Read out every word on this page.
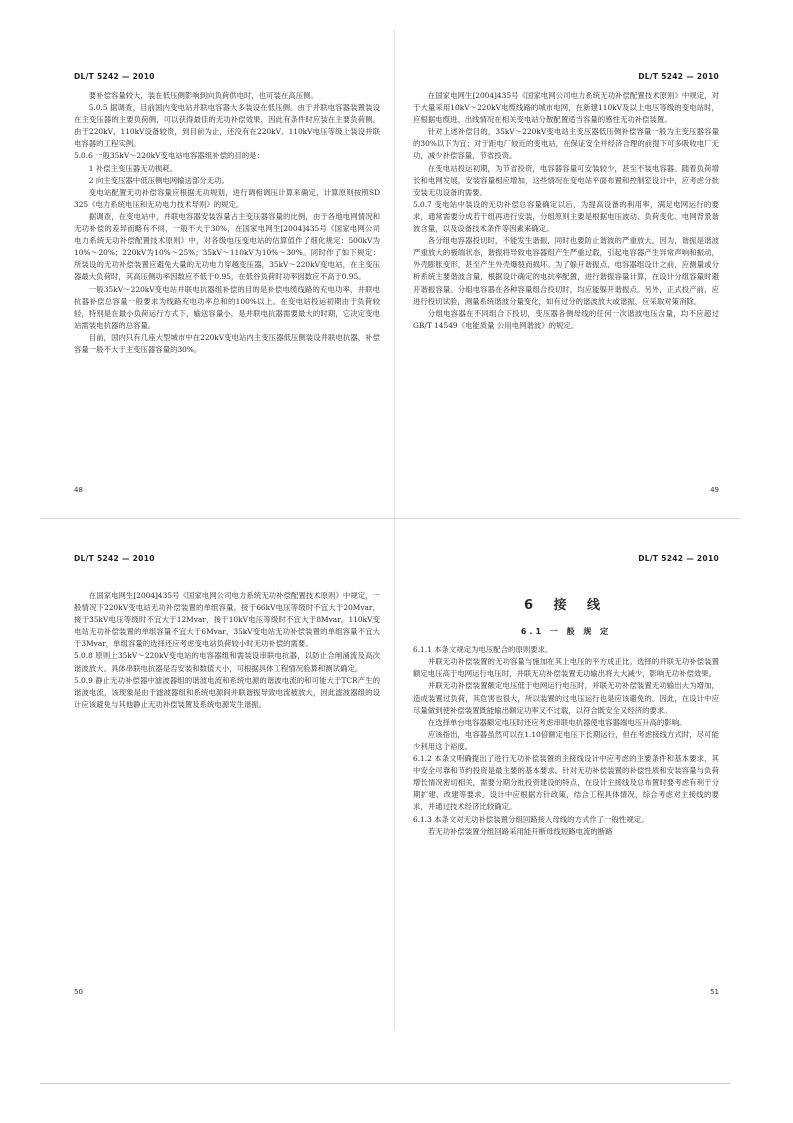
DL/T 5242 — 2010

要补偿容量较大，装在低压侧影响到向负荷供电时，也可装在高压侧。

5.0.5 据调查，目前国内变电站并联电容器大多装设在低压侧。由于并联电容器装置装设在主变压器的主要负荷侧，可以获得最佳的无功补偿效果，因此有条件时应装在主要负荷侧。由于220kV、110kV设备较贵，到目前为止，还没有在220kV、110kV电压等级上装设并联电容器的工程实例。

5.0.6 一般35kV～220kV变电站电容器组补偿的目的是：

1 补偿主变压器无功损耗。

2 向主变压器中低压侧电网输送部分无功。

变电站配置无功补偿容量应根据无功规划，进行调相调压计算来确定，计算原则按照SD 325《电力系统电压和无功电力技术导则》的规定。

据调查，在变电站中，并联电容器安装容量占主变压器容量的比例，由于各地电网情况和无功补偿的差异而略有不同，一般不大于30%，在国家电网生[2004]435号《国家电网公司电力系统无功补偿配置技术原则》中，对各级电压变电站的估算值作了细化规定：500kV为10%～20%；220kV为10%～25%；35kV～110kV为10%～30%。同时作了如下规定：所装设的无功补偿装置应避免大量的无功电力穿越变压器，35kV～220kV变电站，在主变压器最大负荷时，其高压侧功率因数应不低于0.95，在低谷负荷时功率因数应不高于0.95。

一般35kV～220kV变电站并联电抗器组补偿的目的是补偿电缆线路的充电功率，并联电抗器补偿总容量一般要求为线路充电功率总和的100%以上。在变电站投运初期由于负荷较轻，特别是在最小负荷运行方式下，输送容量小，是并联电抗器需要最大的时期，它决定变电站需装电抗器的总容量。

目前，国内只有几座大型城市中在220kV变电站内主变压器低压侧装设并联电抗器，补偿容量一般不大于主变压器容量的30%。

48
DL/T 5242 — 2010

在国家电网生[2004]435号《国家电网公司电力系统无功补偿配置技术原则》中规定，对于大量采用10kV～220kV电缆线路的城市电网，在新建110kV及以上电压等级的变电站时，应根据电缆进、出线情况在相关变电站分散配置适当容量的感性无功补偿装置。

针对上述补偿目的，35kV～220kV变电站主变压器低压侧补偿容量一般为主变压器容量的30%以下为宜；对于距电厂较近的变电站，在保证安全并经济合理的前提下可多吸收电厂无功，减少补偿容量，节省投资。

在变电站投运初期，为节省投资，电容器容量可安装较少，甚至不装电容器。随着负荷增长和电网发展，安装容量相应增加，这些情况在变电站平面布置和控制室设计中，应考虑分批安装无功设备的需要。

5.0.7 变电站中装设的无功补偿总容量确定以后，为提高设备的利用率，满足电网运行的要求，通常需要分成若干组再进行安装，分组原则主要是根据电压波动、负荷变化、电网背景谐波含量，以及设备技术条件等因素来确定。

各分组电容器投切时，不能发生谐振，同时也要防止谐波的严重放大。因为，谐振是谐波严重放大的极端状态，谐振将导致电容器组产生严重过载，引起电容器产生异常声响和振动，外壳膨胀变形，甚至产生外壳爆裂而损坏。为了躲开谐振点，电容器组设计之前，应测量或分析系统主要谐波含量，根据设计确定的电抗率配置，进行谐振容量计算，在设计分组容量时避开谐振容量。分组电容器在各种容量组合投切时，均应能躲开谐振点。另外，正式投产前，应进行投切试验，测量系统谐波分量变化，如有过分的谐波放大或谐振，应采取对策消除。

分组电容器在不同组合下投切，变压器各侧母线的任何一次谐波电压含量，均不应超过GB/T 14549《电能质量 公用电网谐波》的规定。

49
DL/T 5242 — 2010

在国家电网生[2004]435号《国家电网公司电力系统无功补偿配置技术原则》中规定，一般情况下220kV变电站无功补偿装置的单组容量，接于66kV电压等级时不宜大于20Mvar，接于35kV电压等级时不宜大于12Mvar，接于10kV电压等级时不宜大于8Mvar。110kV变电站无功补偿装置的单组容量不宜大于6Mvar，35kV变电站无功补偿装置的单组容量不宜大于3Mvar，单组容量的选择还应考虑变电站负荷较小时无功补偿的需要。

5.0.8 原则上35kV～220kV变电站的电容器组和需装设串联电抗器，以防止合闸涌流及高次谐波放大。具体串联电抗器是否安装和数值大小，可根据具体工程情况验算和测试确定。

5.0.9 静止无功补偿器中滤波器组的谐波电流和系统电源的谐波电流的和可能大于TCR产生的谐波电流，该现象是由于滤波器组和系统电源间并联谐振导致电流被放大，因此滤波器组的设计应该避免与其他静止无功补偿装置及系统电源发生谐振。

50
DL/T 5242 — 2010
6 接 线
6.1 一 般 规 定

6.1.1 本条文规定为电压配合的原则要求。

并联无功补偿装置的无功容量与施加在其上电压的平方成正比。选择的并联无功补偿装置额定电压高于电网运行电压时，并联无功补偿装置无功输出将大大减少，影响无功补偿效果。

并联无功补偿装置额定电压低于电网运行电压时，并联无功补偿装置无功输出大为增加，造成装置过负荷，其危害也很大，所以装置的过电压运行也是应该避免的。因此，在设计中应尽量做到使补偿装置既能输出额定功率又不过载，以符合既安全又经济的要求。

在选择单台电容器额定电压时还应考虑串联电抗器使电容器端电压升高的影响。

应该指出，电容器虽然可以在1.10倍额定电压下长期运行，但在考虑接线方式时，尽可能少利用这个裕度。

6.1.2 本条文明确提出了进行无功补偿装置的主接线设计中应考虑的主要条件和基本要求，其中安全可靠和节约投资是最主要的基本要求。针对无功补偿装置的补偿性质和安装容量与负荷增长情况密切相关，需要分期分批投资建设的特点，在设计主接线及总布置时要考虑有利于分期扩建、改建等要求。设计中应根据方针政策，结合工程具体情况，综合考虑对主接线的要求，并通过技术经济比较确定。

6.1.3 本条文对无功补偿装置分组回路接入母线的方式作了一般性规定。

若无功补偿装置分组回路采用能开断母线短路电流的断路

51
